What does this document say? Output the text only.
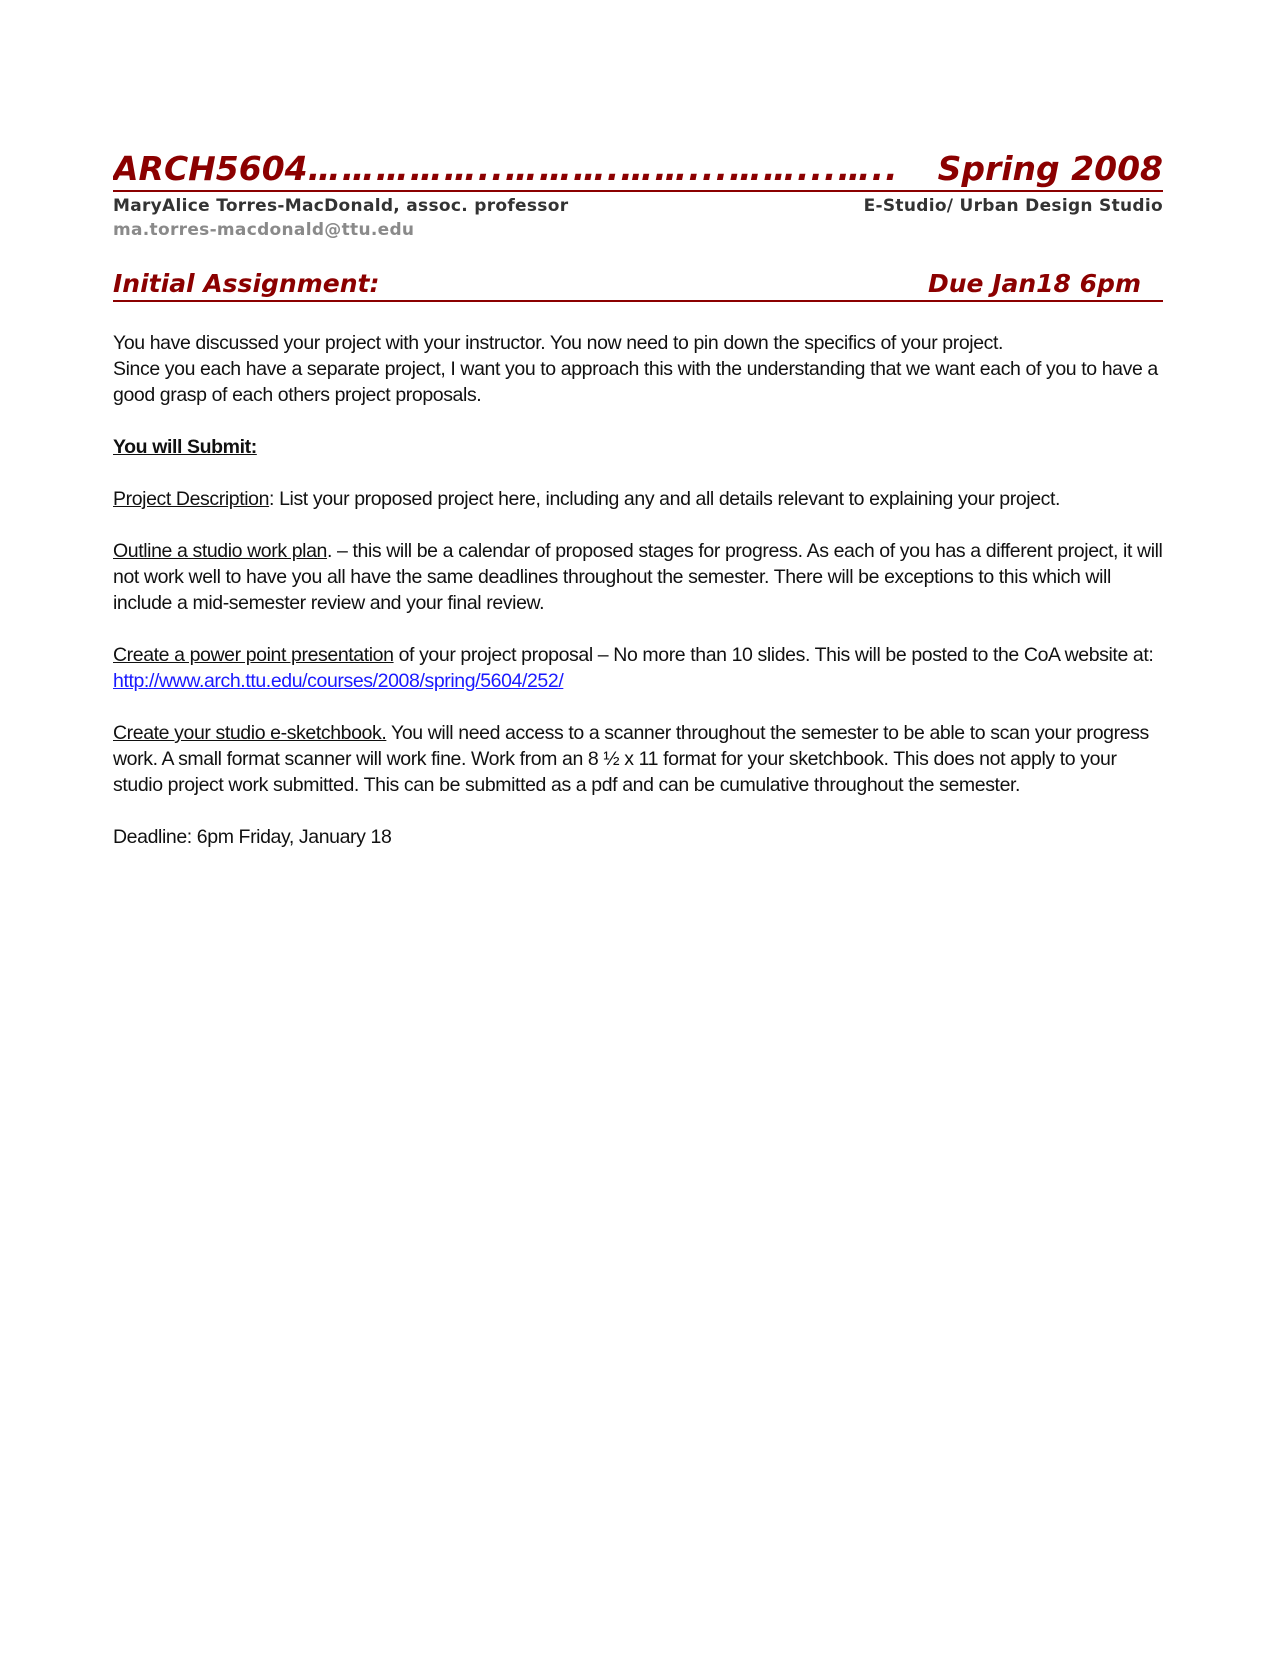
ARCH5604 ……………..……….……...……...…..	Spring 2008
MaryAlice Torres-MacDonald, assoc. professor	E-Studio/ Urban Design Studio
ma.torres-macdonald@ttu.edu
Initial Assignment:	Due Jan18 6pm

You have discussed your project with your instructor. You now need to pin down the specifics of your project.
Since you each have a separate project, I want you to approach this with the understanding that we want each of you to have a good grasp of each others project proposals.

You will Submit:

Project Description: List your proposed project here, including any and all details relevant to explaining your project.

Outline a studio work plan. – this will be a calendar of proposed stages for progress. As each of you has a different project, it will not work well to have you all have the same deadlines throughout the semester. There will be exceptions to this which will include a mid-semester review and your final review.

Create a power point presentation of your project proposal – No more than 10 slides. This will be posted to the CoA website at: http://www.arch.ttu.edu/courses/2008/spring/5604/252/

Create your studio e-sketchbook. You will need access to a scanner throughout the semester to be able to scan your progress work. A small format scanner will work fine. Work from an 8 ½ x 11 format for your sketchbook. This does not apply to your studio project work submitted. This can be submitted as a pdf and can be cumulative throughout the semester.

Deadline: 6pm Friday, January 18
